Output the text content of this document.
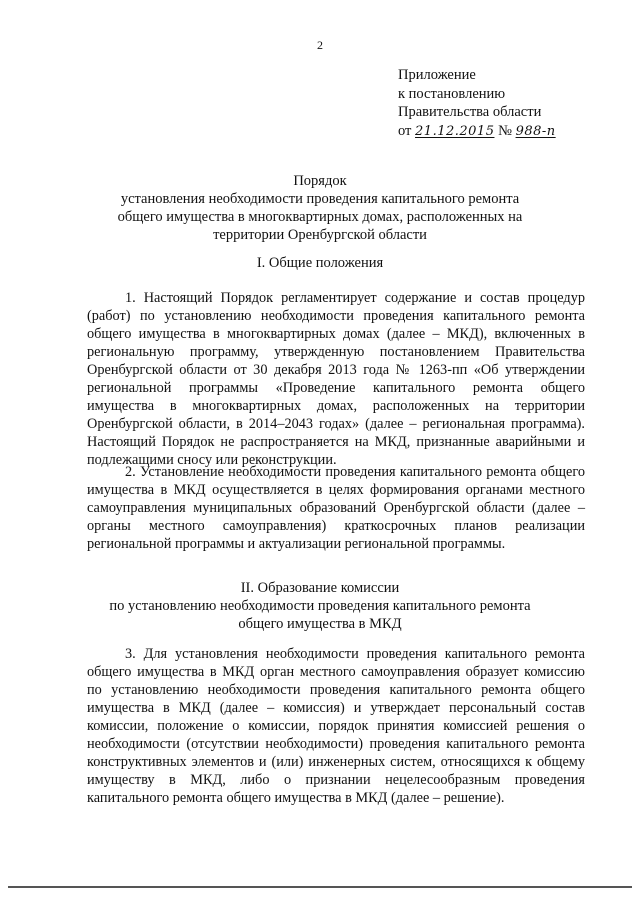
2
Приложение
к постановлению
Правительства области
от 21.12.2015 № 988-п
Порядок
установления необходимости проведения капитального ремонта
общего имущества в многоквартирных домах, расположенных на
территории Оренбургской области
I. Общие положения
1. Настоящий Порядок регламентирует содержание и состав процедур (работ) по установлению необходимости проведения капитального ремонта общего имущества в многоквартирных домах (далее – МКД), включенных в региональную программу, утвержденную постановлением Правительства Оренбургской области от 30 декабря 2013 года № 1263-пп «Об утверждении региональной программы «Проведение капитального ремонта общего имущества в многоквартирных домах, расположенных на территории Оренбургской области, в 2014–2043 годах» (далее – региональная программа). Настоящий Порядок не распространяется на МКД, признанные аварийными и подлежащими сносу или реконструкции.
2. Установление необходимости проведения капитального ремонта общего имущества в МКД осуществляется в целях формирования органами местного самоуправления муниципальных образований Оренбургской области (далее – органы местного самоуправления) краткосрочных планов реализации региональной программы и актуализации региональной программы.
II. Образование комиссии
по установлению необходимости проведения капитального ремонта
общего имущества в МКД
3. Для установления необходимости проведения капитального ремонта общего имущества в МКД орган местного самоуправления образует комиссию по установлению необходимости проведения капитального ремонта общего имущества в МКД (далее – комиссия) и утверждает персональный состав комиссии, положение о комиссии, порядок принятия комиссией решения о необходимости (отсутствии необходимости) проведения капитального ремонта конструктивных элементов и (или) инженерных систем, относящихся к общему имуществу в МКД, либо о признании нецелесообразным проведения капитального ремонта общего имущества в МКД (далее – решение).
